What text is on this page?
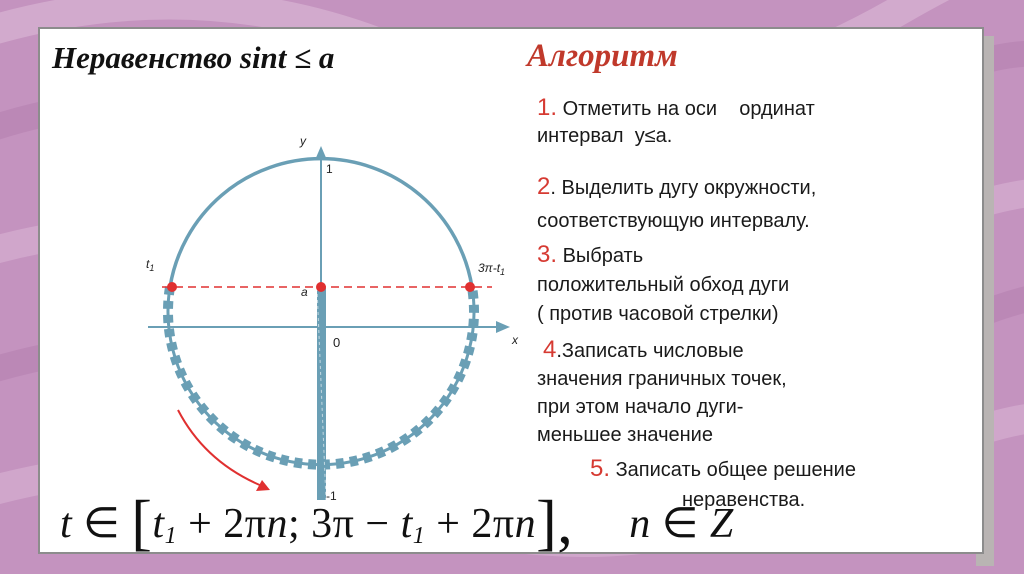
Неравенство sint ≤ a	Алгоритм
y
x
1
-1
0
a
$t_1$	$3\pi-t_1$
1. Отметить на оси    ординат
интервал  y≤a.
2. Выделить дугу окружности,
соответствующую интервалу.
3. Выбрать
положительный обход дуги
( против часовой стрелки)
4.Записать числовые
значения граничных точек,
при этом начало дуги-
меньшее значение
5. Записать общее решение
неравенства.
t ∈ [$t_1 + 2\pi n$; $3\pi - t_1 + 2\pi n$], n ∈ Z
